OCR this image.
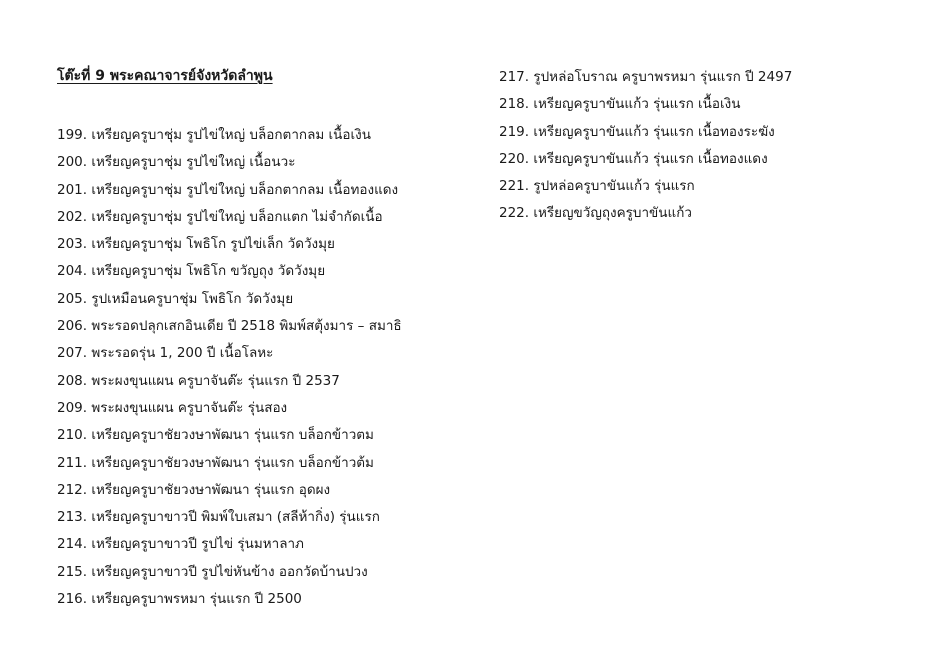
โต๊ะที่ 9 พระคณาจารย์จังหวัดลำพูน
199. เหรียญครูบาชุ่ม รูปไข่ใหญ่ บล็อกตากลม เนื้อเงิน
200. เหรียญครูบาชุ่ม รูปไข่ใหญ่ เนื้อนวะ
201. เหรียญครูบาชุ่ม รูปไข่ใหญ่ บล็อกตากลม เนื้อทองแดง
202. เหรียญครูบาชุ่ม รูปไข่ใหญ่ บล็อกแตก ไม่จำกัดเนื้อ
203. เหรียญครูบาชุ่ม โพธิโก รูปไข่เล็ก วัดวังมุย
204. เหรียญครูบาชุ่ม โพธิโก ขวัญถุง วัดวังมุย
205. รูปเหมือนครูบาชุ่ม โพธิโก วัดวังมุย
206. พระรอดปลุกเสกอินเดีย ปี 2518 พิมพ์สตุ้งมาร – สมาธิ
207. พระรอดรุ่น 1, 200 ปี เนื้อโลหะ
208. พระผงขุนแผน ครูบาจันต๊ะ รุ่นแรก ปี 2537
209. พระผงขุนแผน ครูบาจันต๊ะ รุ่นสอง
210. เหรียญครูบาชัยวงษาพัฒนา รุ่นแรก บล็อกข้าวตม
211. เหรียญครูบาชัยวงษาพัฒนา รุ่นแรก บล็อกข้าวต้ม
212. เหรียญครูบาชัยวงษาพัฒนา รุ่นแรก อุดผง
213. เหรียญครูบาขาวปี พิมพ์ใบเสมา (สลีห้ากิ่ง) รุ่นแรก
214. เหรียญครูบาขาวปี รูปไข่ รุ่นมหาลาภ
215. เหรียญครูบาขาวปี รูปไข่หันข้าง ออกวัดบ้านปวง
216. เหรียญครูบาพรหมา รุ่นแรก ปี 2500
217. รูปหล่อโบราณ ครูบาพรหมา รุ่นแรก ปี 2497
218. เหรียญครูบาขันแก้ว รุ่นแรก เนื้อเงิน
219. เหรียญครูบาขันแก้ว รุ่นแรก เนื้อทองระฆัง
220. เหรียญครูบาขันแก้ว รุ่นแรก เนื้อทองแดง
221. รูปหล่อครูบาขันแก้ว รุ่นแรก
222. เหรียญขวัญถุงครูบาขันแก้ว
